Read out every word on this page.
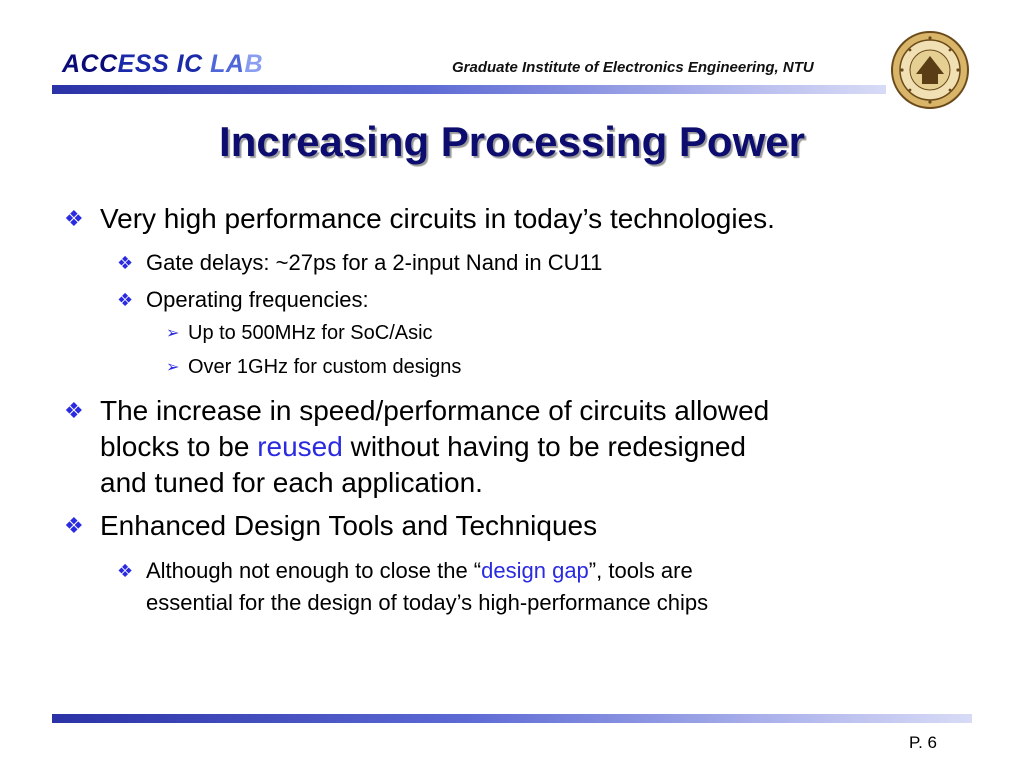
ACCESS IC LAB	Graduate Institute of Electronics Engineering, NTU
Increasing Processing Power
❖ Very high performance circuits in today’s technologies.
❖ Gate delays: ~27ps for a 2-input Nand in CU11
❖ Operating frequencies:
➢ Up to 500MHz for SoC/Asic
➢ Over 1GHz for custom designs
❖ The increase in speed/performance of circuits allowed
blocks to be reused without having to be redesigned
and tuned for each application.
❖ Enhanced Design Tools and Techniques
❖ Although not enough to close the “design gap”, tools are
essential for the design of today’s high-performance chips
P. 6
